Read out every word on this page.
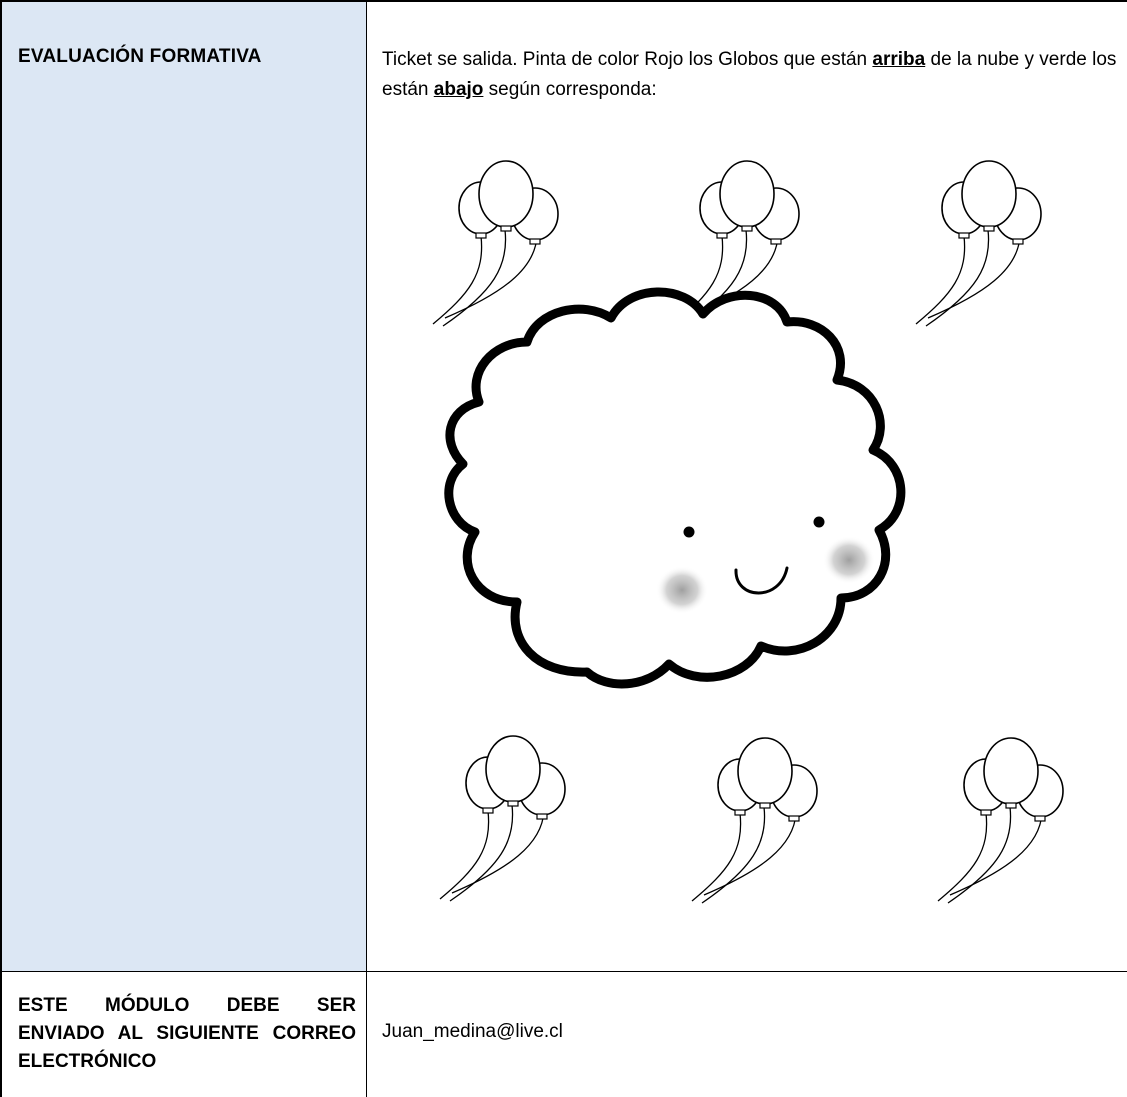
EVALUACIÓN FORMATIVA	Ticket se salida. Pinta de color Rojo los Globos que están arriba de la nube y verde los están abajo según corresponda:
ESTE MÓDULO DEBE SER ENVIADO AL SIGUIENTE CORREO ELECTRÓNICO
Juan_medina@live.cl
